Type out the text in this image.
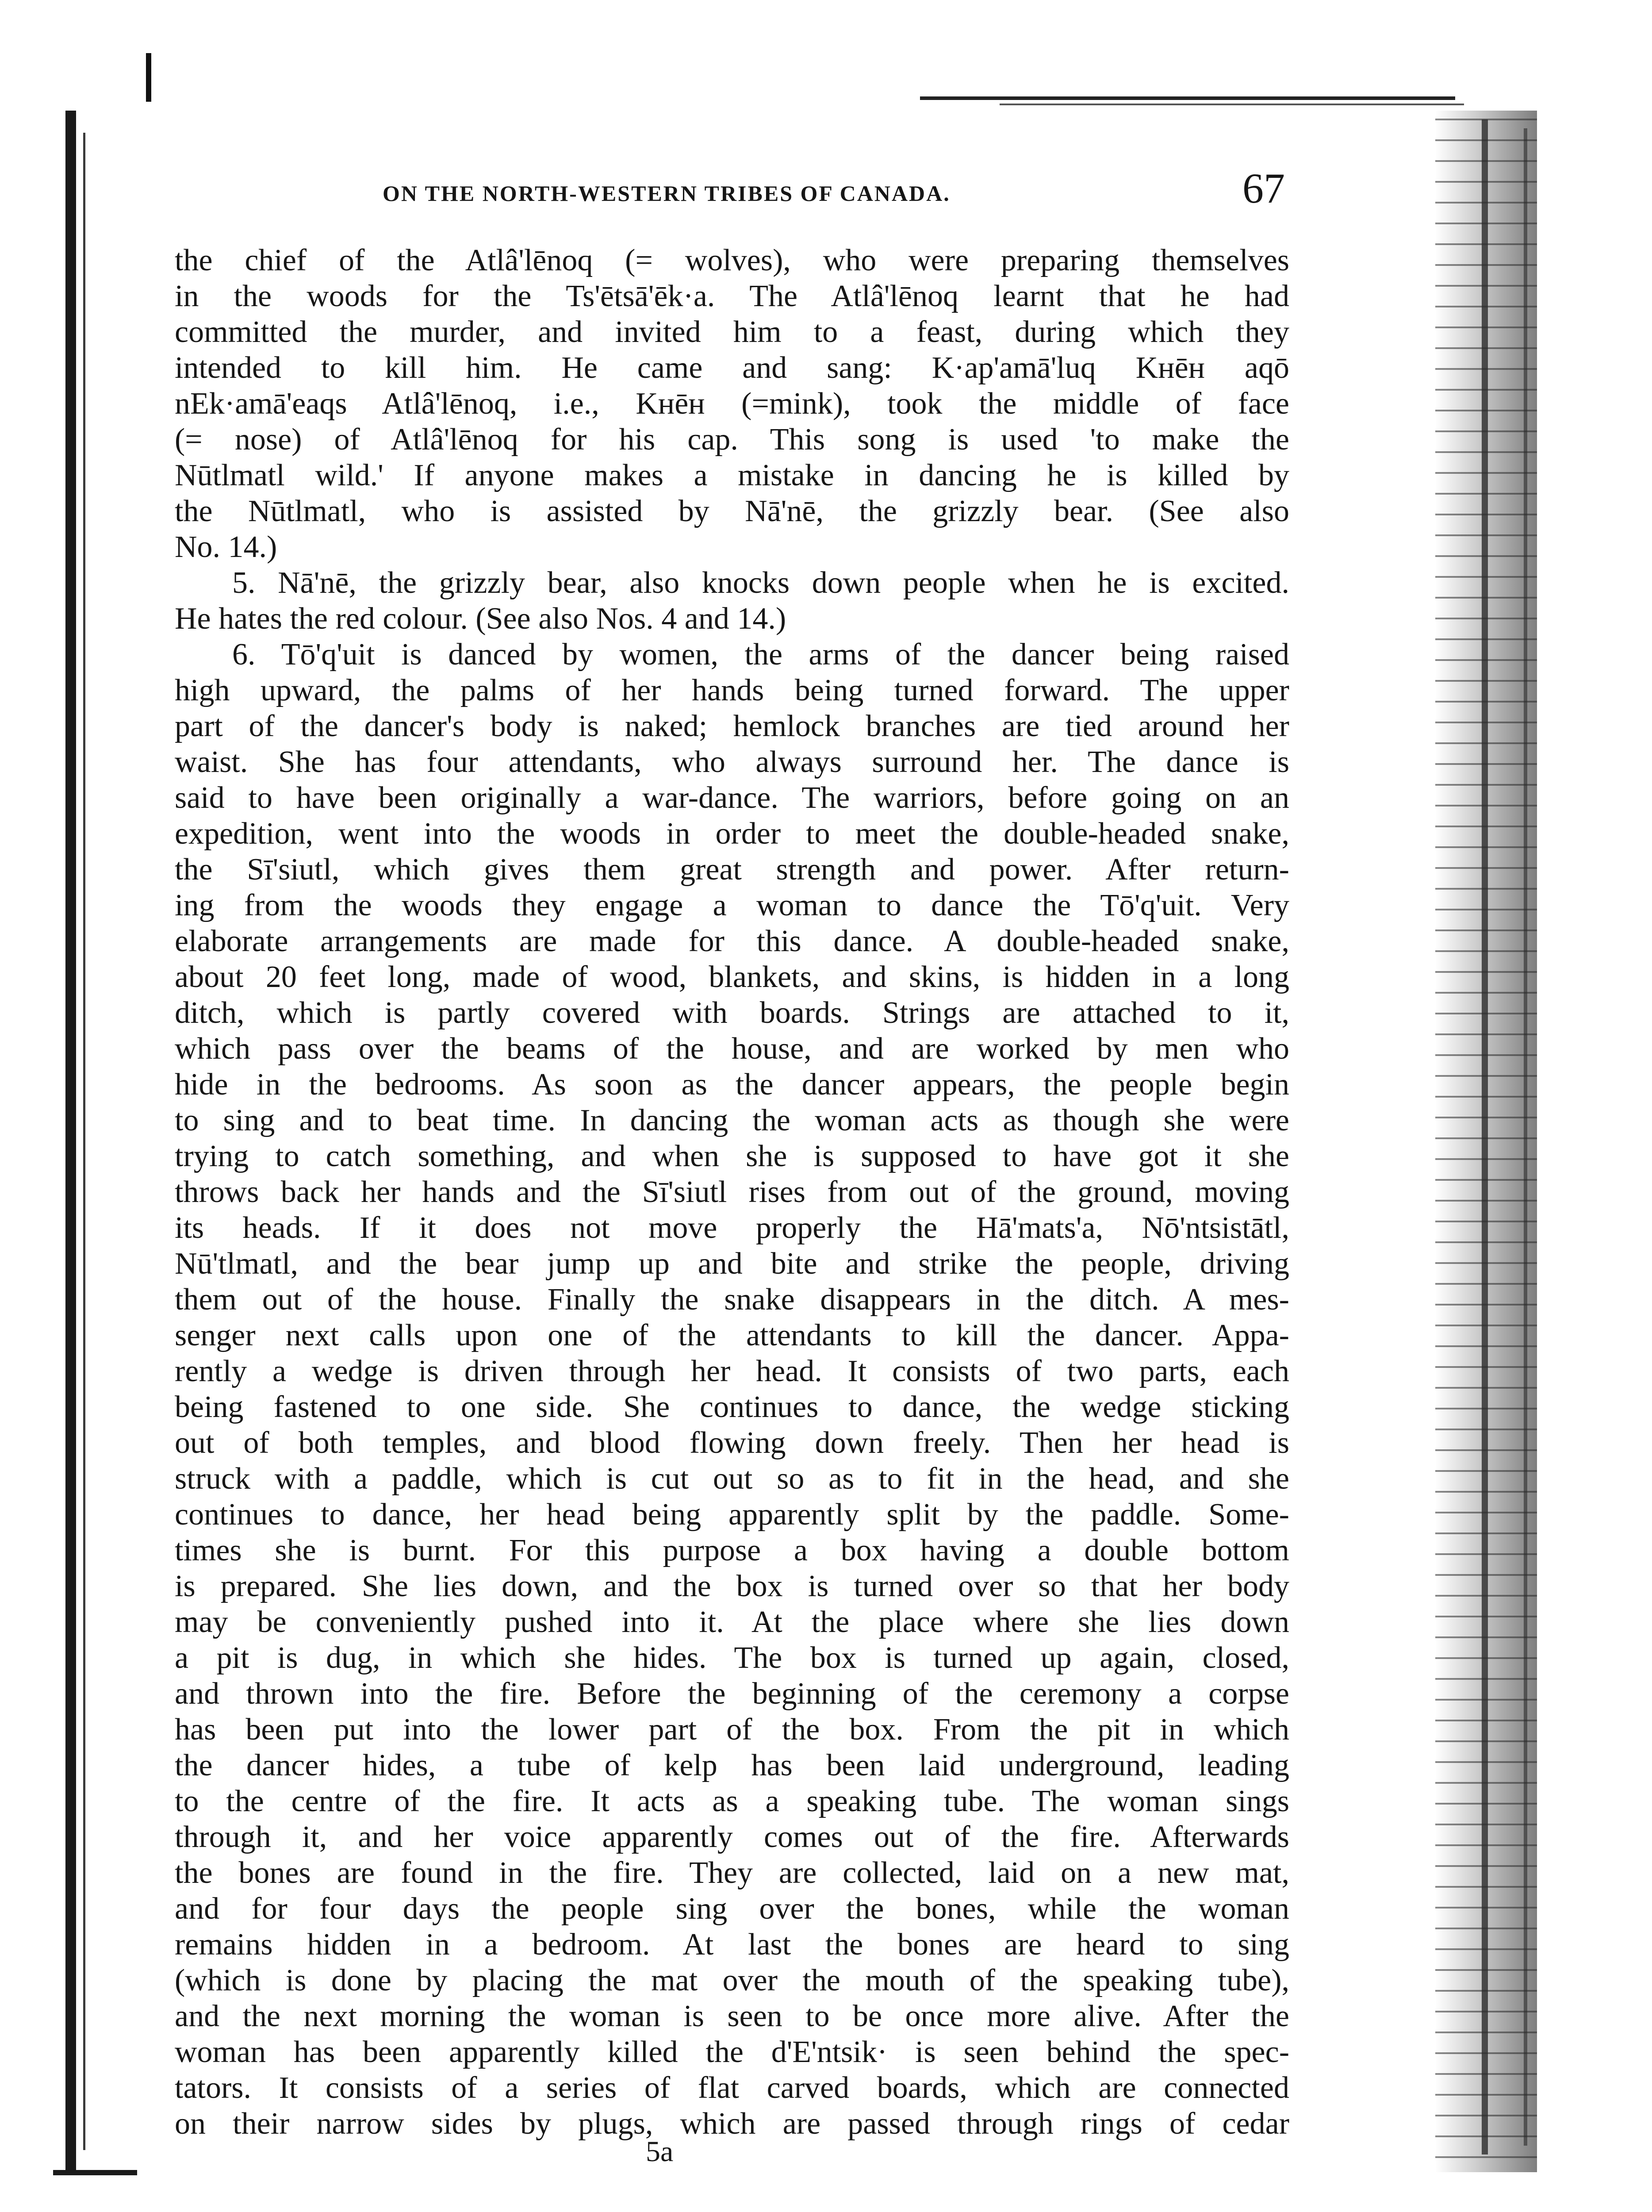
ON THE NORTH-WESTERN TRIBES OF CANADA.	67
the chief of the Atlâ'lēnoq (= wolves), who were preparing themselves
in the woods for the Ts'ētsā'ēk·a. The Atlâ'lēnoq learnt that he had
committed the murder, and invited him to a feast, during which they
intended to kill him. He came and sang: K·ap'amā'luq Kнēн aqō
nEk·amā'eaqs Atlâ'lēnoq, i.e., Kнēн (=mink), took the middle of face
(= nose) of Atlâ'lēnoq for his cap. This song is used 'to make the
Nūtlmatl wild.' If anyone makes a mistake in dancing he is killed by
the Nūtlmatl, who is assisted by Nā'nē, the grizzly bear. (See also
No. 14.)
5. Nā'nē, the grizzly bear, also knocks down people when he is excited.
He hates the red colour. (See also Nos. 4 and 14.)
6. Tō'q'uit is danced by women, the arms of the dancer being raised
high upward, the palms of her hands being turned forward. The upper
part of the dancer's body is naked; hemlock branches are tied around her
waist. She has four attendants, who always surround her. The dance is
said to have been originally a war-dance. The warriors, before going on an
expedition, went into the woods in order to meet the double-headed snake,
the Sī'siutl, which gives them great strength and power. After return-
ing from the woods they engage a woman to dance the Tō'q'uit. Very
elaborate arrangements are made for this dance. A double-headed snake,
about 20 feet long, made of wood, blankets, and skins, is hidden in a long
ditch, which is partly covered with boards. Strings are attached to it,
which pass over the beams of the house, and are worked by men who
hide in the bedrooms. As soon as the dancer appears, the people begin
to sing and to beat time. In dancing the woman acts as though she were
trying to catch something, and when she is supposed to have got it she
throws back her hands and the Sī'siutl rises from out of the ground, moving
its heads. If it does not move properly the Hā'mats'a, Nō'ntsistātl,
Nū'tlmatl, and the bear jump up and bite and strike the people, driving
them out of the house. Finally the snake disappears in the ditch. A mes-
senger next calls upon one of the attendants to kill the dancer. Appa-
rently a wedge is driven through her head. It consists of two parts, each
being fastened to one side. She continues to dance, the wedge sticking
out of both temples, and blood flowing down freely. Then her head is
struck with a paddle, which is cut out so as to fit in the head, and she
continues to dance, her head being apparently split by the paddle. Some-
times she is burnt. For this purpose a box having a double bottom
is prepared. She lies down, and the box is turned over so that her body
may be conveniently pushed into it. At the place where she lies down
a pit is dug, in which she hides. The box is turned up again, closed,
and thrown into the fire. Before the beginning of the ceremony a corpse
has been put into the lower part of the box. From the pit in which
the dancer hides, a tube of kelp has been laid underground, leading
to the centre of the fire. It acts as a speaking tube. The woman sings
through it, and her voice apparently comes out of the fire. Afterwards
the bones are found in the fire. They are collected, laid on a new mat,
and for four days the people sing over the bones, while the woman
remains hidden in a bedroom. At last the bones are heard to sing
(which is done by placing the mat over the mouth of the speaking tube),
and the next morning the woman is seen to be once more alive. After the
woman has been apparently killed the d'E'ntsik· is seen behind the spec-
tators. It consists of a series of flat carved boards, which are connected
on their narrow sides by plugs, which are passed through rings of cedar
5a
